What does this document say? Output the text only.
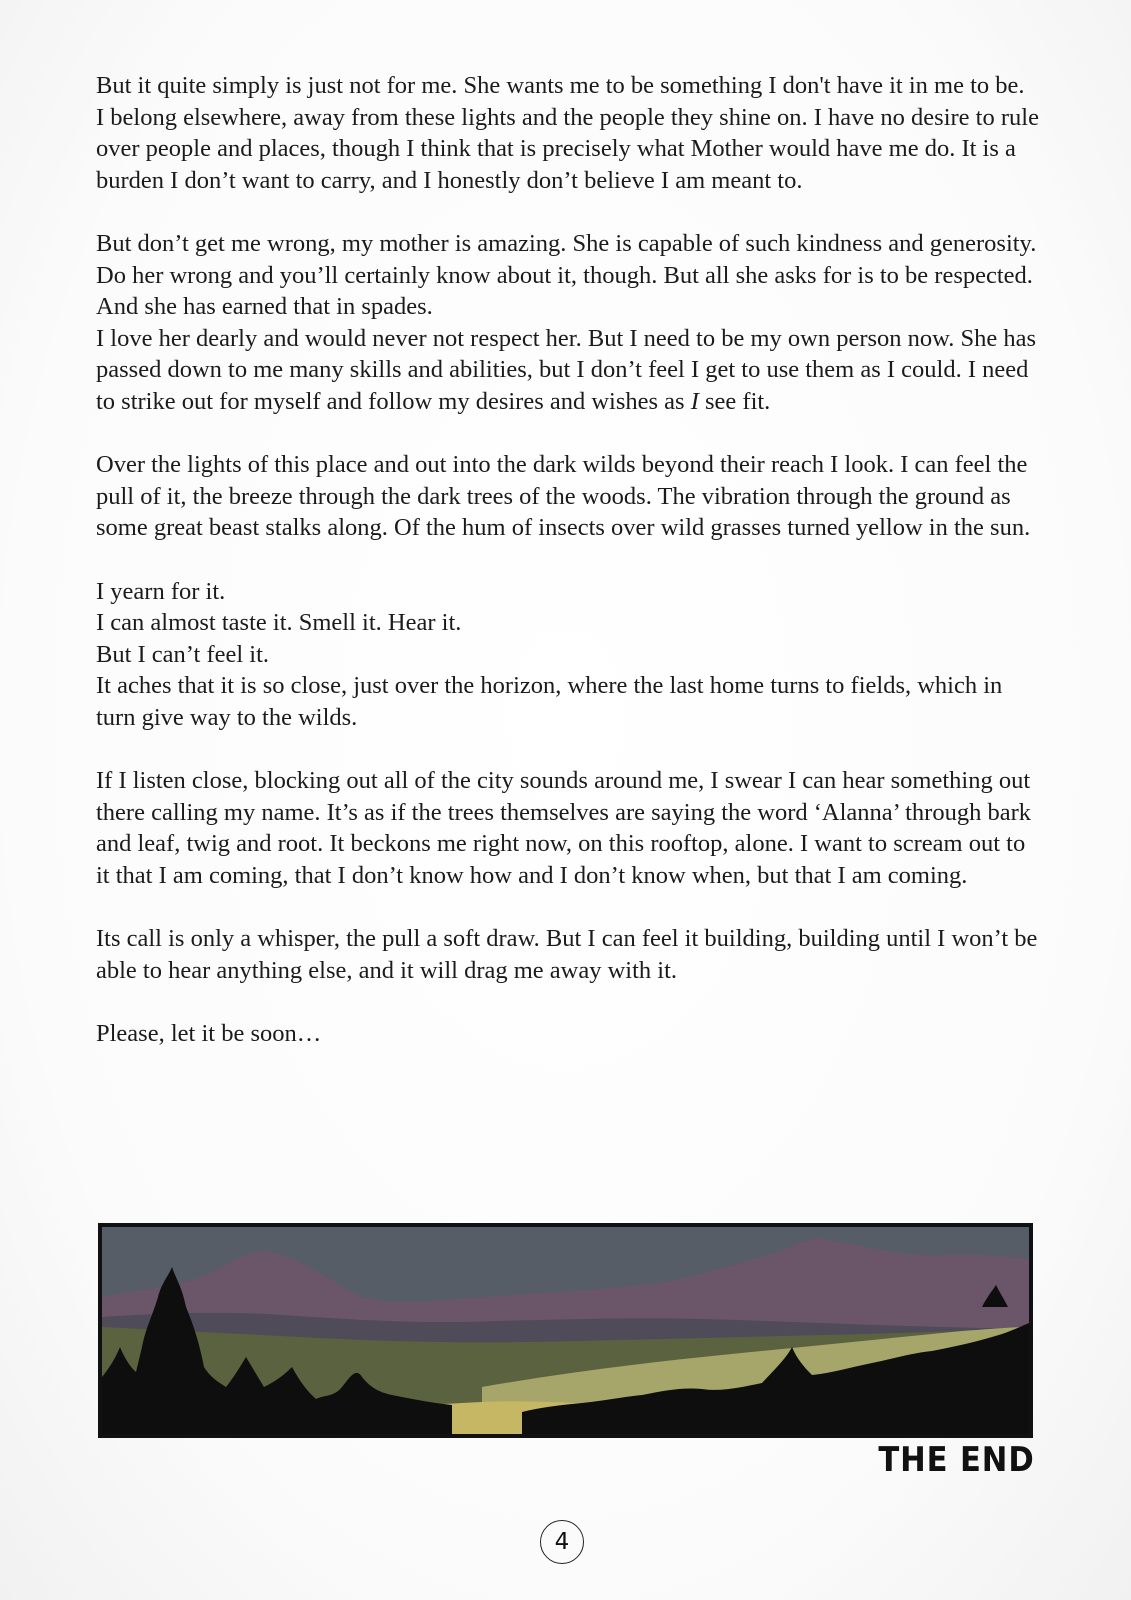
But it quite simply is just not for me. She wants me to be something I don't have it in me to be.
I belong elsewhere, away from these lights and the people they shine on. I have no desire to rule over people and places, though I think that is precisely what Mother would have me do. It is a burden I don’t want to carry, and I honestly don’t believe I am meant to.

But don’t get me wrong, my mother is amazing. She is capable of such kindness and generosity. Do her wrong and you’ll certainly know about it, though. But all she asks for is to be respected. And she has earned that in spades.
I love her dearly and would never not respect her. But I need to be my own person now. She has passed down to me many skills and abilities, but I don’t feel I get to use them as I could. I need to strike out for myself and follow my desires and wishes as I see fit.

Over the lights of this place and out into the dark wilds beyond their reach I look. I can feel the pull of it, the breeze through the dark trees of the woods. The vibration through the ground as some great beast stalks along. Of the hum of insects over wild grasses turned yellow in the sun.

I yearn for it.
I can almost taste it. Smell it. Hear it.
But I can’t feel it.
It aches that it is so close, just over the horizon, where the last home turns to fields, which in turn give way to the wilds.

If I listen close, blocking out all of the city sounds around me, I swear I can hear something out there calling my name. It’s as if the trees themselves are saying the word ‘Alanna’ through bark and leaf, twig and root. It beckons me right now, on this rooftop, alone. I want to scream out to it that I am coming, that I don’t know how and I don’t know when, but that I am coming.

Its call is only a whisper, the pull a soft draw. But I can feel it building, building until I won’t be able to hear anything else, and it will drag me away with it.

Please, let it be soon…

THE END
4
